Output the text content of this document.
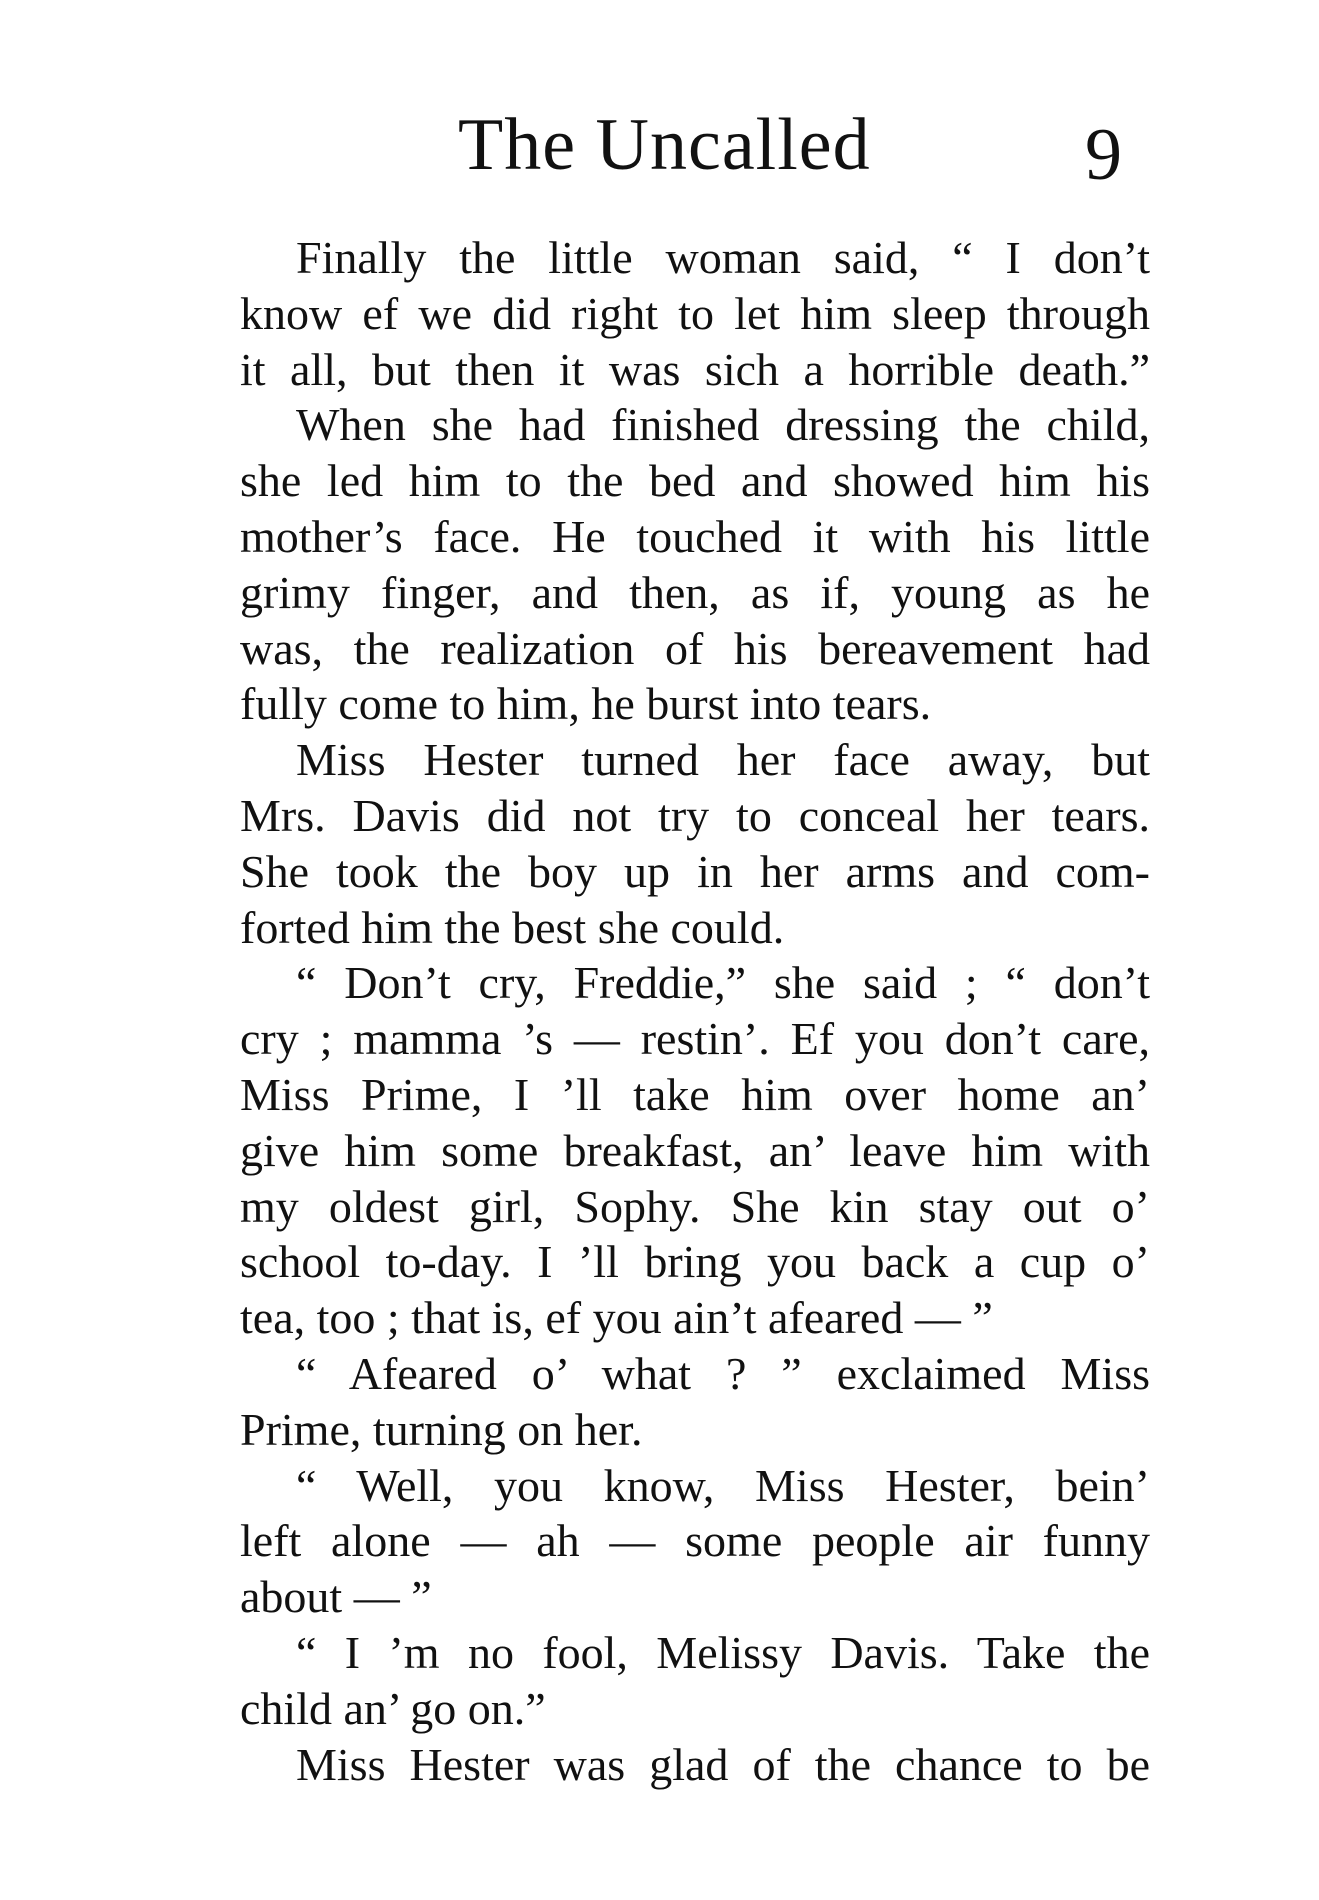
The Uncalled	9
Finally the little woman said, “ I don’t
know ef we did right to let him sleep through
it all, but then it was sich a horrible death.”
When she had finished dressing the child,
she led him to the bed and showed him his
mother’s face. He touched it with his little
grimy finger, and then, as if, young as he
was, the realization of his bereavement had
fully come to him, he burst into tears.
Miss Hester turned her face away, but
Mrs. Davis did not try to conceal her tears.
She took the boy up in her arms and com-
forted him the best she could.
“ Don’t cry, Freddie,” she said ; “ don’t
cry ; mamma ’s — restin’. Ef you don’t care,
Miss Prime, I ’ll take him over home an’
give him some breakfast, an’ leave him with
my oldest girl, Sophy. She kin stay out o’
school to-day. I ’ll bring you back a cup o’
tea, too ; that is, ef you ain’t afeared — ”
“ Afeared o’ what ? ” exclaimed Miss
Prime, turning on her.
“ Well, you know, Miss Hester, bein’
left alone — ah — some people air funny
about — ”
“ I ’m no fool, Melissy Davis. Take the
child an’ go on.”
Miss Hester was glad of the chance to be
